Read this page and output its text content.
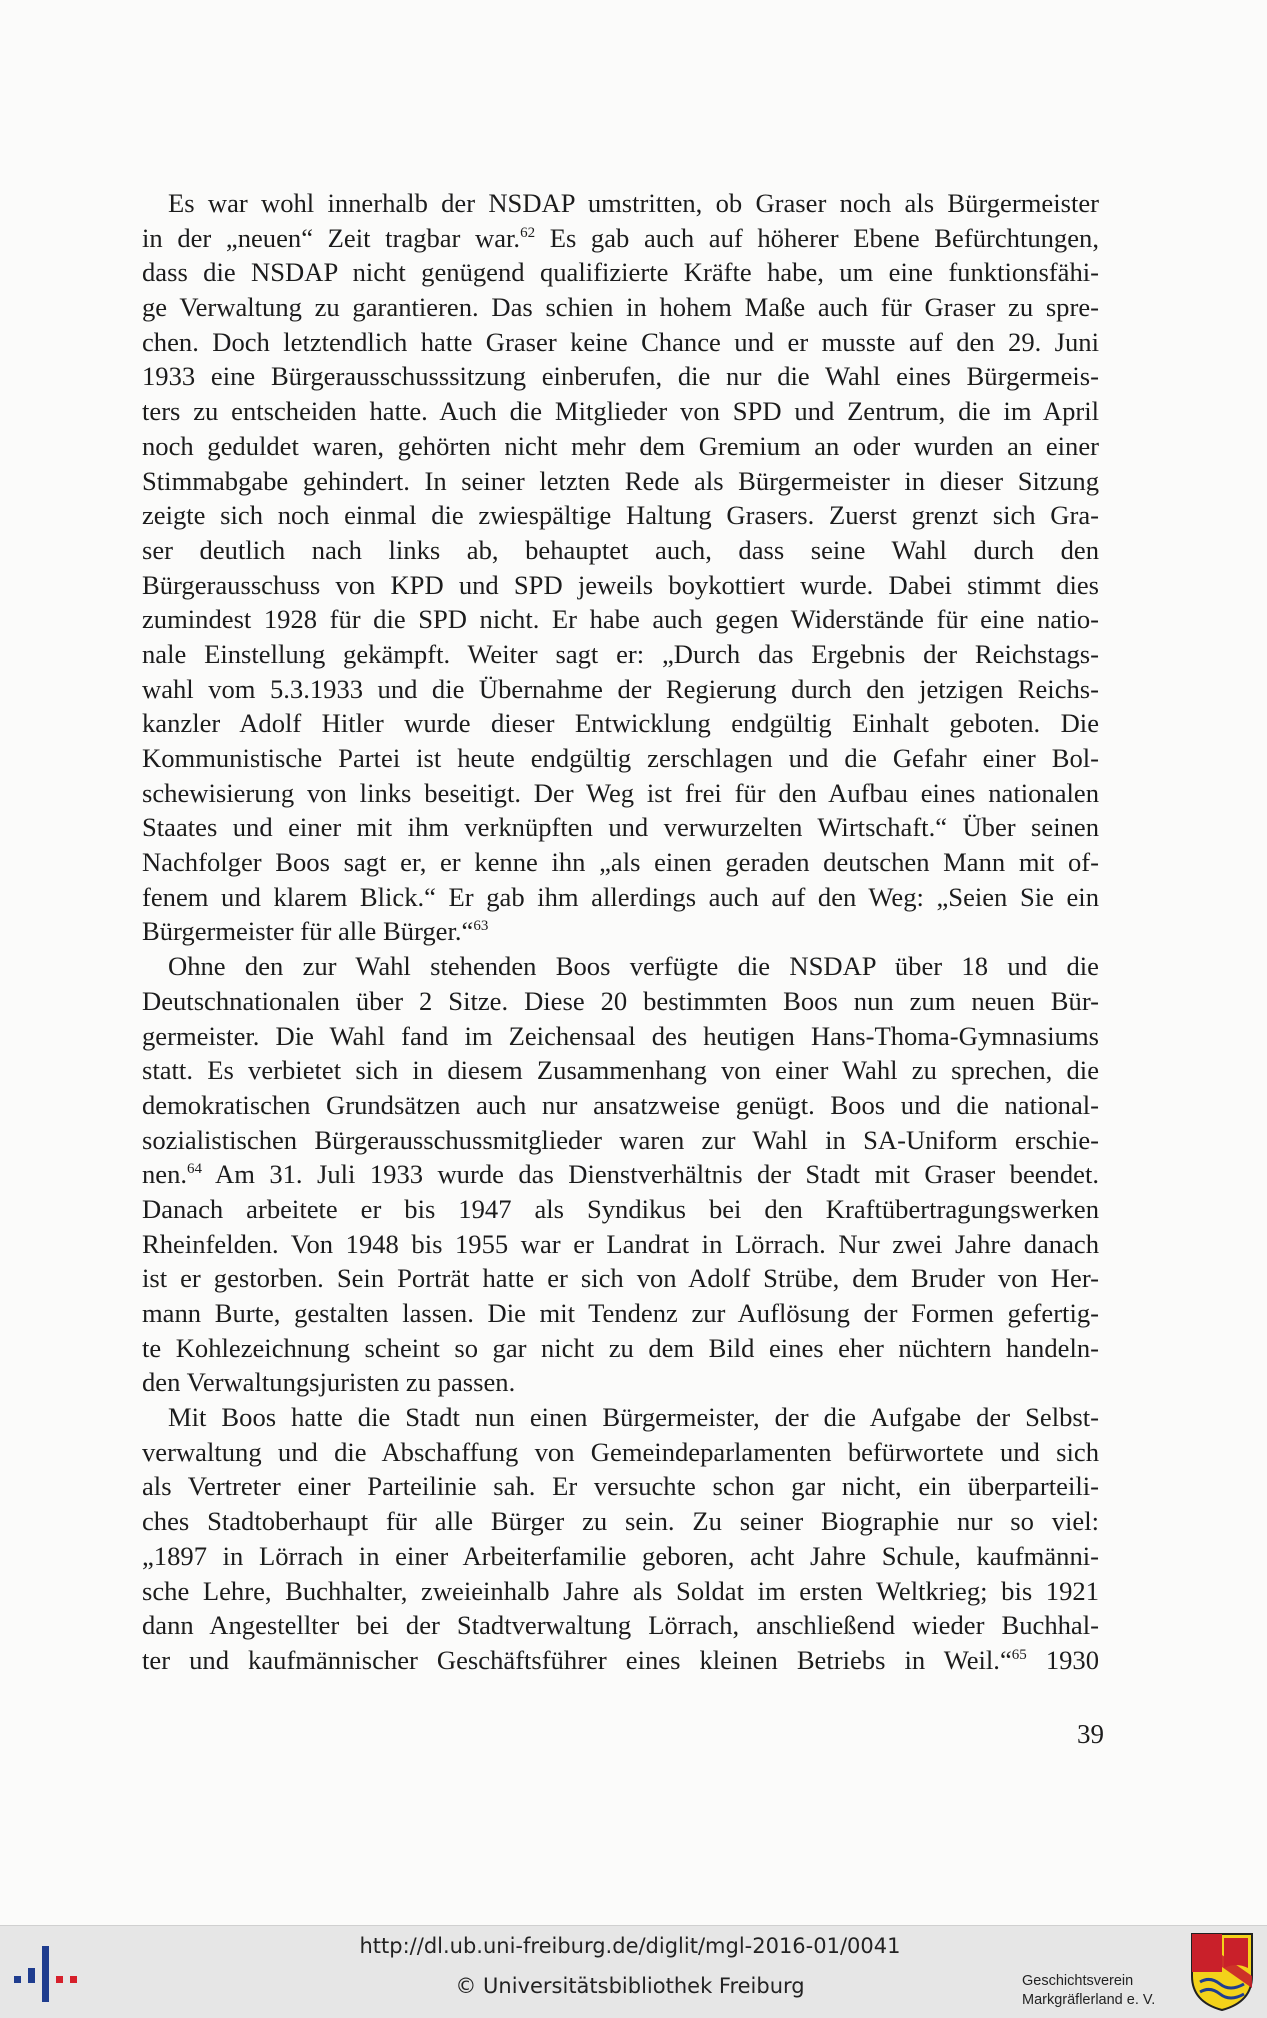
Es war wohl innerhalb der NSDAP umstritten, ob Graser noch als Bürgermeister
in der „neuen“ Zeit tragbar war.$^{62}$ Es gab auch auf höherer Ebene Befürchtungen,
dass die NSDAP nicht genügend qualifizierte Kräfte habe, um eine funktionsfähi-
ge Verwaltung zu garantieren. Das schien in hohem Maße auch für Graser zu spre-
chen. Doch letztendlich hatte Graser keine Chance und er musste auf den 29. Juni
1933 eine Bürgerausschusssitzung einberufen, die nur die Wahl eines Bürgermeis-
ters zu entscheiden hatte. Auch die Mitglieder von SPD und Zentrum, die im April
noch geduldet waren, gehörten nicht mehr dem Gremium an oder wurden an einer
Stimmabgabe gehindert. In seiner letzten Rede als Bürgermeister in dieser Sitzung
zeigte sich noch einmal die zwiespältige Haltung Grasers. Zuerst grenzt sich Gra-
ser deutlich nach links ab, behauptet auch, dass seine Wahl durch den
Bürgerausschuss von KPD und SPD jeweils boykottiert wurde. Dabei stimmt dies
zumindest 1928 für die SPD nicht. Er habe auch gegen Widerstände für eine natio-
nale Einstellung gekämpft. Weiter sagt er: „Durch das Ergebnis der Reichstags-
wahl vom 5.3.1933 und die Übernahme der Regierung durch den jetzigen Reichs-
kanzler Adolf Hitler wurde dieser Entwicklung endgültig Einhalt geboten. Die
Kommunistische Partei ist heute endgültig zerschlagen und die Gefahr einer Bol-
schewisierung von links beseitigt. Der Weg ist frei für den Aufbau eines nationalen
Staates und einer mit ihm verknüpften und verwurzelten Wirtschaft.“ Über seinen
Nachfolger Boos sagt er, er kenne ihn „als einen geraden deutschen Mann mit of-
fenem und klarem Blick.“ Er gab ihm allerdings auch auf den Weg: „Seien Sie ein
Bürgermeister für alle Bürger.“$^{63}$
Ohne den zur Wahl stehenden Boos verfügte die NSDAP über 18 und die
Deutschnationalen über 2 Sitze. Diese 20 bestimmten Boos nun zum neuen Bür-
germeister. Die Wahl fand im Zeichensaal des heutigen Hans-Thoma-Gymnasiums
statt. Es verbietet sich in diesem Zusammenhang von einer Wahl zu sprechen, die
demokratischen Grundsätzen auch nur ansatzweise genügt. Boos und die national-
sozialistischen Bürgerausschussmitglieder waren zur Wahl in SA-Uniform erschie-
nen.$^{64}$ Am 31. Juli 1933 wurde das Dienstverhältnis der Stadt mit Graser beendet.
Danach arbeitete er bis 1947 als Syndikus bei den Kraftübertragungswerken
Rheinfelden. Von 1948 bis 1955 war er Landrat in Lörrach. Nur zwei Jahre danach
ist er gestorben. Sein Porträt hatte er sich von Adolf Strübe, dem Bruder von Her-
mann Burte, gestalten lassen. Die mit Tendenz zur Auflösung der Formen gefertig-
te Kohlezeichnung scheint so gar nicht zu dem Bild eines eher nüchtern handeln-
den Verwaltungsjuristen zu passen.
Mit Boos hatte die Stadt nun einen Bürgermeister, der die Aufgabe der Selbst-
verwaltung und die Abschaffung von Gemeindeparlamenten befürwortete und sich
als Vertreter einer Parteilinie sah. Er versuchte schon gar nicht, ein überparteili-
ches Stadtoberhaupt für alle Bürger zu sein. Zu seiner Biographie nur so viel:
„1897 in Lörrach in einer Arbeiterfamilie geboren, acht Jahre Schule, kaufmänni-
sche Lehre, Buchhalter, zweieinhalb Jahre als Soldat im ersten Weltkrieg; bis 1921
dann Angestellter bei der Stadtverwaltung Lörrach, anschließend wieder Buchhal-
ter und kaufmännischer Geschäftsführer eines kleinen Betriebs in Weil.“$^{65}$ 1930
39
http://dl.ub.uni-freiburg.de/diglit/mgl-2016-01/0041
© Universitätsbibliothek Freiburg	Geschichtsverein
Markgräflerland e. V.
